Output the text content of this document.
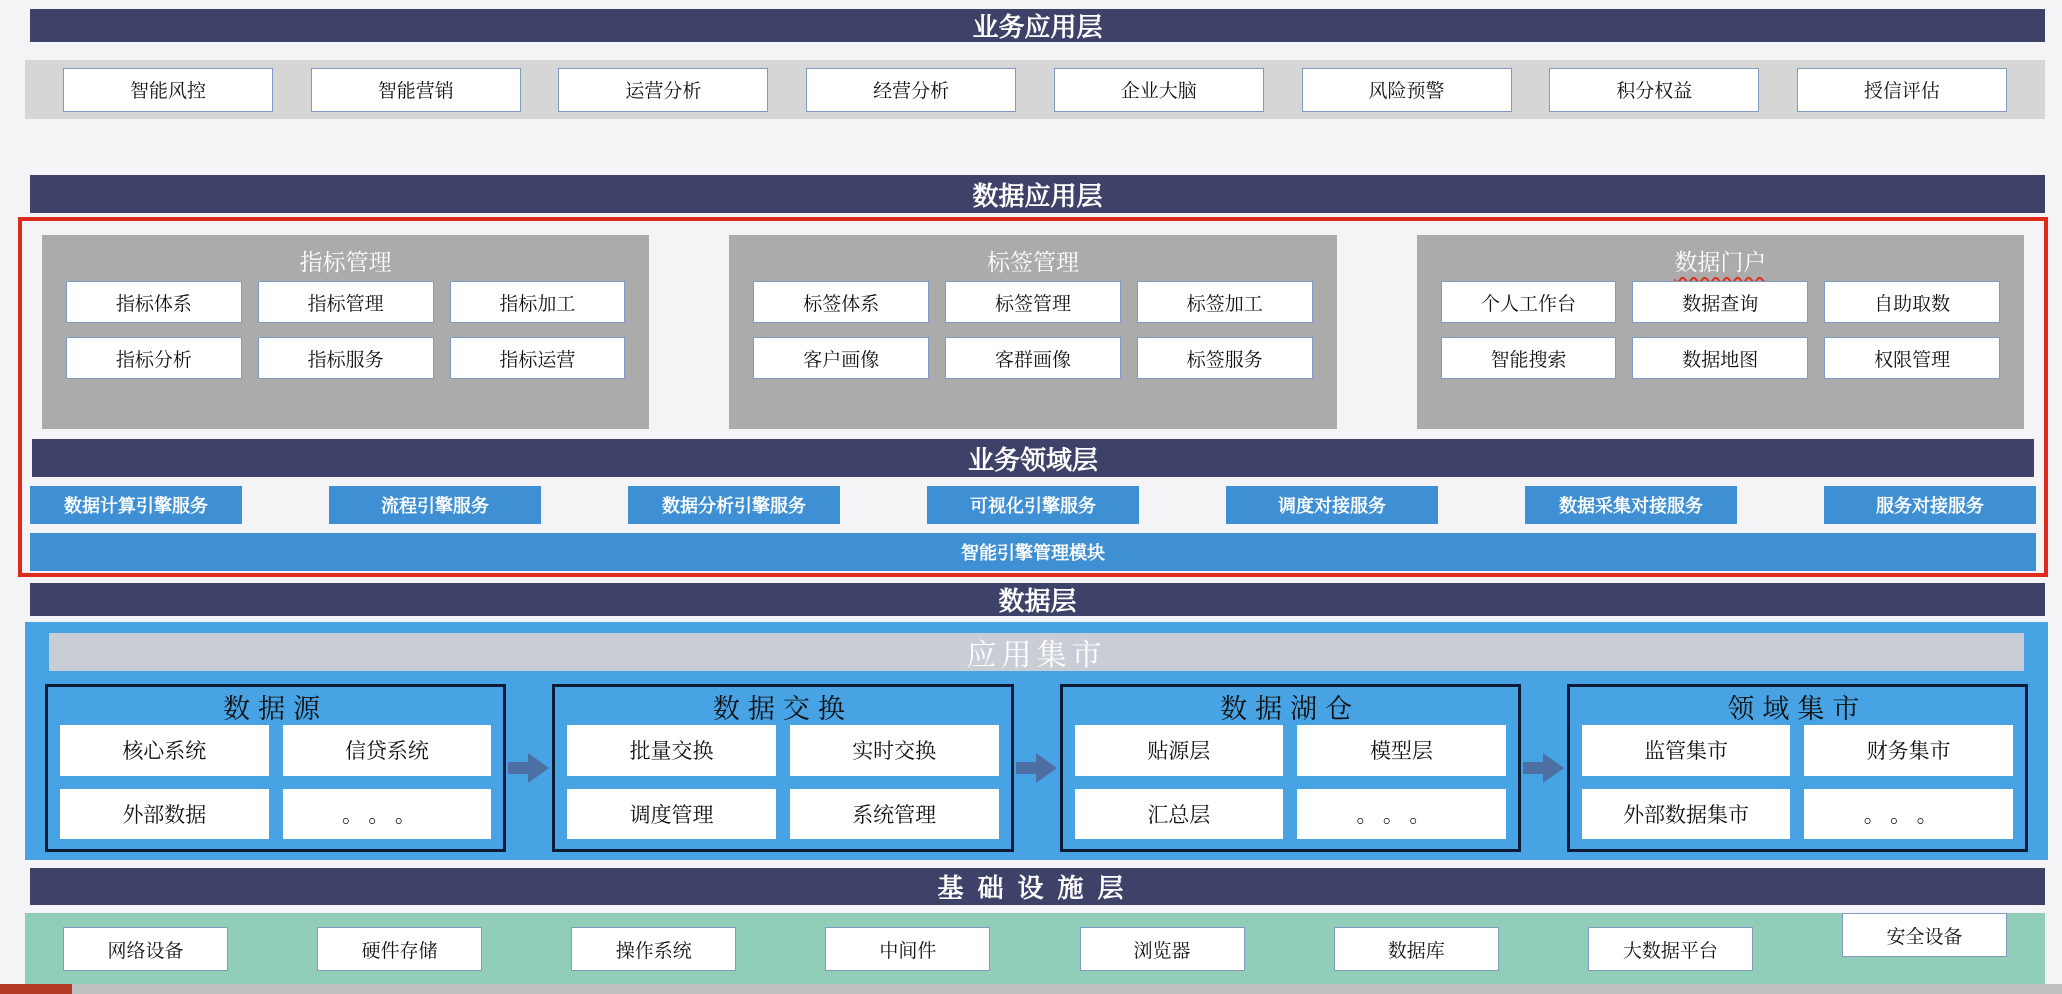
业务应用层
智能风控	智能营销	运营分析	经营分析	企业大脑	风险预警	积分权益	授信评估
数据应用层
指标管理
指标体系	指标管理	指标加工
指标分析	指标服务	指标运营
标签管理
标签体系	标签管理	标签加工
客户画像	客群画像	标签服务
数据门户
个人工作台	数据查询	自助取数
智能搜索	数据地图	权限管理
业务领域层
数据计算引擎服务	流程引擎服务	数据分析引擎服务	可视化引擎服务	调度对接服务	数据采集对接服务	服务对接服务
智能引擎管理模块
数据层
应用集市
数据源
核心系统	信贷系统
外部数据	。。。
数据交换
批量交换	实时交换
调度管理	系统管理
数据湖仓
贴源层	模型层
汇总层	。。。
领域集市
监管集市	财务集市
外部数据集市	。。。
基础设施层
网络设备	硬件存储	操作系统	中间件	浏览器	数据库	大数据平台
安全设备
